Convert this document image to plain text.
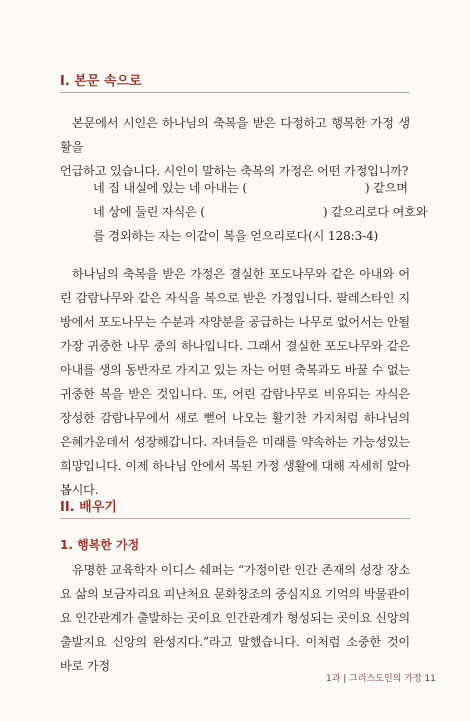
I. 본문 속으로

본문에서 시인은 하나님의 축복을 받은 다정하고 행복한 가정 생활을

언급하고 있습니다. 시인이 말하는 축복의 가정은 어떤 가정입니까?

네 집 내실에 있는 네 아내는 (	) 같으며
네 상에 둘린 자식은 (	) 같으리로다 여호와
를 경외하는 자는 이같이 복을 얻으리로다(시 128:3-4)

하나님의 축복을 받은 가정은 결실한 포도나무와 같은 아내와 어린 감람나무와 같은 자식을 복으로 받은 가정입니다. 팔레스타인 지방에서 포도나무는 수분과 자양분을 공급하는 나무로 없어서는 안될 가장 귀중한 나무 중의 하나입니다. 그래서 결실한 포도나무와 같은 아내를 생의 동반자로 가지고 있는 자는 어떤 축복과도 바꿀 수 없는 귀중한 복을 받은 것입니다. 또, 어린 감람나무로 비유되는 자식은 장성한 감람나무에서 새로 뻗어 나오는 활기찬 가지처럼 하나님의 은혜가운데서 성장해갑니다. 자녀들은 미래를 약속하는 가능성있는 희망입니다. 이제 하나님 안에서 복된 가정 생활에 대해 자세히 알아봅시다.

II. 배우기
1. 행복한 가정

유명한 교육학자 이디스 쉐퍼는 “가정이란 인간 존재의 성장 장소요 삶의 보금자리요 피난처요 문화창조의 중심지요 기억의 박물관이요 인간관계가 출발하는 곳이요 인간관계가 형성되는 곳이요 신앙의 출발지요 신앙의 완성지다.”라고 말했습니다. 이처럼 소중한 것이 바로 가정

1과 | 그리스도인의 가정 11
